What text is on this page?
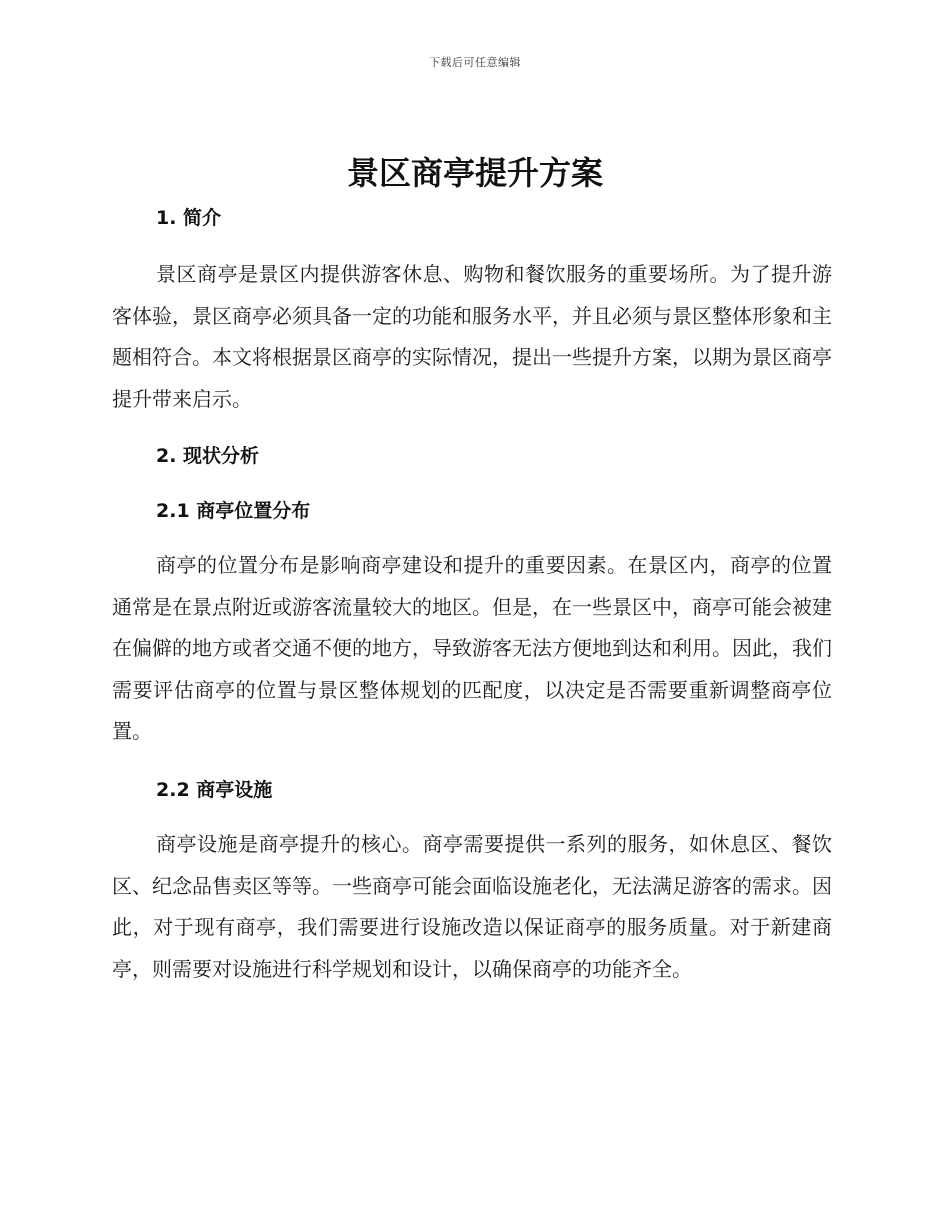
下载后可任意编辑
景区商亭提升方案
1. 简介

景区商亭是景区内提供游客休息、购物和餐饮服务的重要场所。为了提升游客体验，景区商亭必须具备一定的功能和服务水平，并且必须与景区整体形象和主题相符合。本文将根据景区商亭的实际情况，提出一些提升方案，以期为景区商亭提升带来启示。

2. 现状分析
2.1 商亭位置分布

商亭的位置分布是影响商亭建设和提升的重要因素。在景区内，商亭的位置通常是在景点附近或游客流量较大的地区。但是，在一些景区中，商亭可能会被建在偏僻的地方或者交通不便的地方，导致游客无法方便地到达和利用。因此，我们需要评估商亭的位置与景区整体规划的匹配度，以决定是否需要重新调整商亭位置。

2.2 商亭设施

商亭设施是商亭提升的核心。商亭需要提供一系列的服务，如休息区、餐饮区、纪念品售卖区等等。一些商亭可能会面临设施老化，无法满足游客的需求。因此，对于现有商亭，我们需要进行设施改造以保证商亭的服务质量。对于新建商亭，则需要对设施进行科学规划和设计，以确保商亭的功能齐全。
